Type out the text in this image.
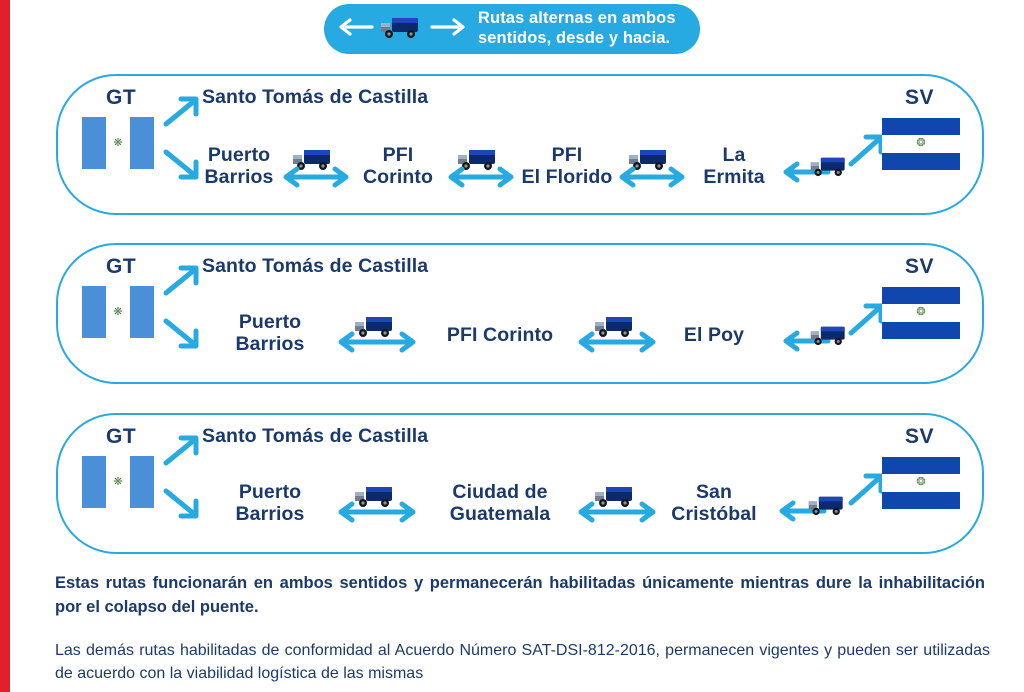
Rutas alternas en ambos
sentidos, desde y hacia.
GT
❋
Santo Tomás de Castilla
Puerto
Barrios
PFI
Corinto
PFI
El Florido
La
Ermita
SV
❂
GT
❋
Santo Tomás de Castilla
Puerto
Barrios	PFI Corinto	El Poy
SV
❂
GT
❋
Santo Tomás de Castilla
Puerto
Barrios
Ciudad de
Guatemala
San
Cristóbal
SV
❂
Estas rutas funcionarán en ambos sentidos y permanecerán habilitadas únicamente mientras dure la inhabilitación por el colapso del puente.
Las demás rutas habilitadas de conformidad al Acuerdo Número SAT-DSI-812-2016, permanecen vigentes y pueden ser utilizadas de acuerdo con la viabilidad logística de las mismas
